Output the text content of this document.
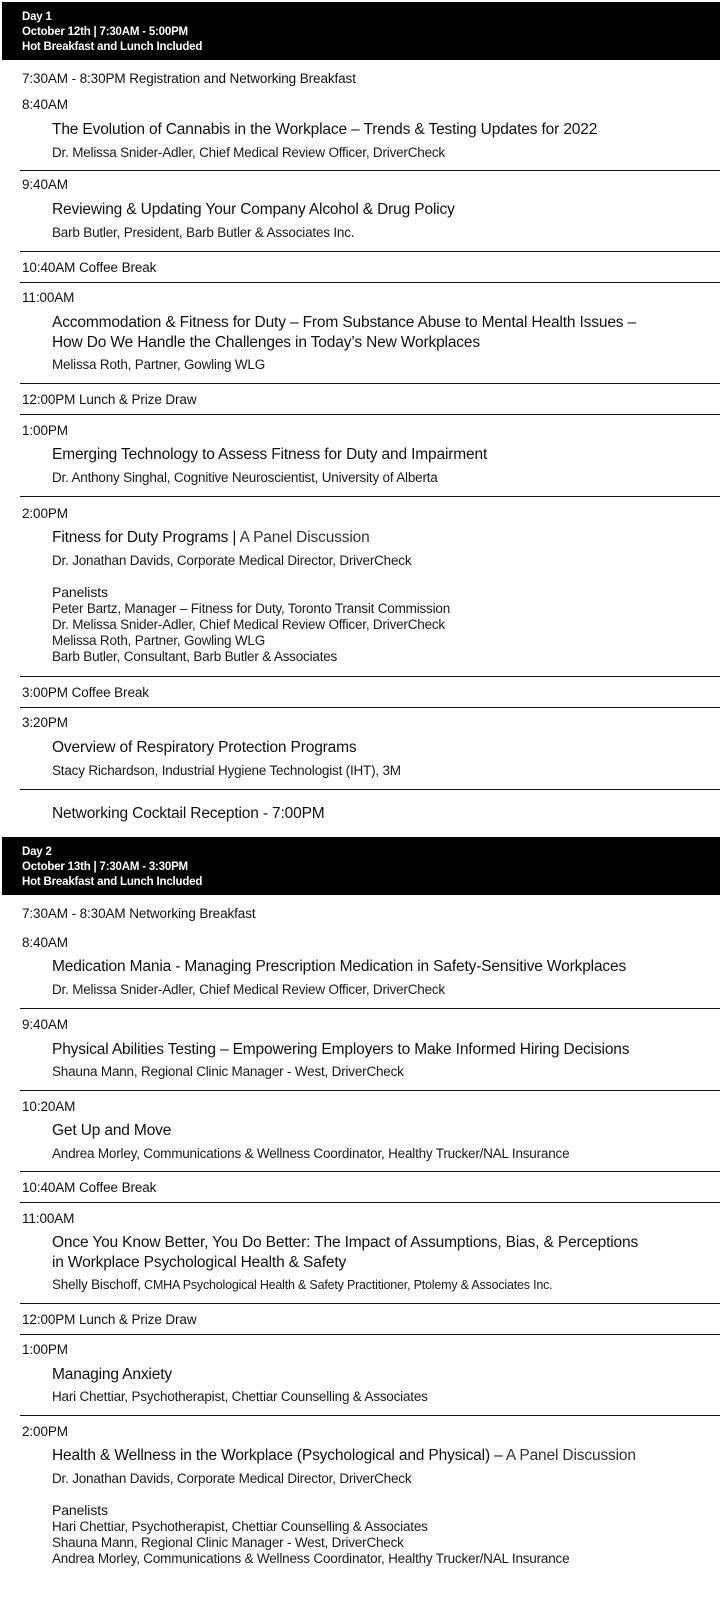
Day 1
October 12th | 7:30AM - 5:00PM
Hot Breakfast and Lunch Included
7:30AM - 8:30PM Registration and Networking Breakfast
8:40AM
The Evolution of Cannabis in the Workplace – Trends & Testing Updates for 2022
Dr. Melissa Snider-Adler, Chief Medical Review Officer, DriverCheck
9:40AM
Reviewing & Updating Your Company Alcohol & Drug Policy
Barb Butler, President, Barb Butler & Associates Inc.
10:40AM Coffee Break
11:00AM
Accommodation & Fitness for Duty – From Substance Abuse to Mental Health Issues –
How Do We Handle the Challenges in Today’s New Workplaces
Melissa Roth, Partner, Gowling WLG
12:00PM Lunch & Prize Draw
1:00PM
Emerging Technology to Assess Fitness for Duty and Impairment
Dr. Anthony Singhal, Cognitive Neuroscientist, University of Alberta
2:00PM
Fitness for Duty Programs | A Panel Discussion
Dr. Jonathan Davids, Corporate Medical Director, DriverCheck
Panelists
Peter Bartz, Manager – Fitness for Duty, Toronto Transit Commission
Dr. Melissa Snider-Adler, Chief Medical Review Officer, DriverCheck
Melissa Roth, Partner, Gowling WLG
Barb Butler, Consultant, Barb Butler & Associates
3:00PM Coffee Break
3:20PM
Overview of Respiratory Protection Programs
Stacy Richardson, Industrial Hygiene Technologist (IHT), 3M
Networking Cocktail Reception - 7:00PM
Day 2
October 13th | 7:30AM - 3:30PM
Hot Breakfast and Lunch Included
7:30AM - 8:30AM Networking Breakfast
8:40AM
Medication Mania - Managing Prescription Medication in Safety-Sensitive Workplaces
Dr. Melissa Snider-Adler, Chief Medical Review Officer, DriverCheck
9:40AM
Physical Abilities Testing – Empowering Employers to Make Informed Hiring Decisions
Shauna Mann, Regional Clinic Manager - West, DriverCheck
10:20AM
Get Up and Move
Andrea Morley, Communications & Wellness Coordinator, Healthy Trucker/NAL Insurance
10:40AM Coffee Break
11:00AM
Once You Know Better, You Do Better: The Impact of Assumptions, Bias, & Perceptions
in Workplace Psychological Health & Safety
Shelly Bischoff, CMHA Psychological Health & Safety Practitioner, Ptolemy & Associates Inc.
12:00PM Lunch & Prize Draw
1:00PM
Managing Anxiety
Hari Chettiar, Psychotherapist, Chettiar Counselling & Associates
2:00PM
Health & Wellness in the Workplace (Psychological and Physical) – A Panel Discussion
Dr. Jonathan Davids, Corporate Medical Director, DriverCheck
Panelists
Hari Chettiar, Psychotherapist, Chettiar Counselling & Associates
Shauna Mann, Regional Clinic Manager - West, DriverCheck
Andrea Morley, Communications & Wellness Coordinator, Healthy Trucker/NAL Insurance
